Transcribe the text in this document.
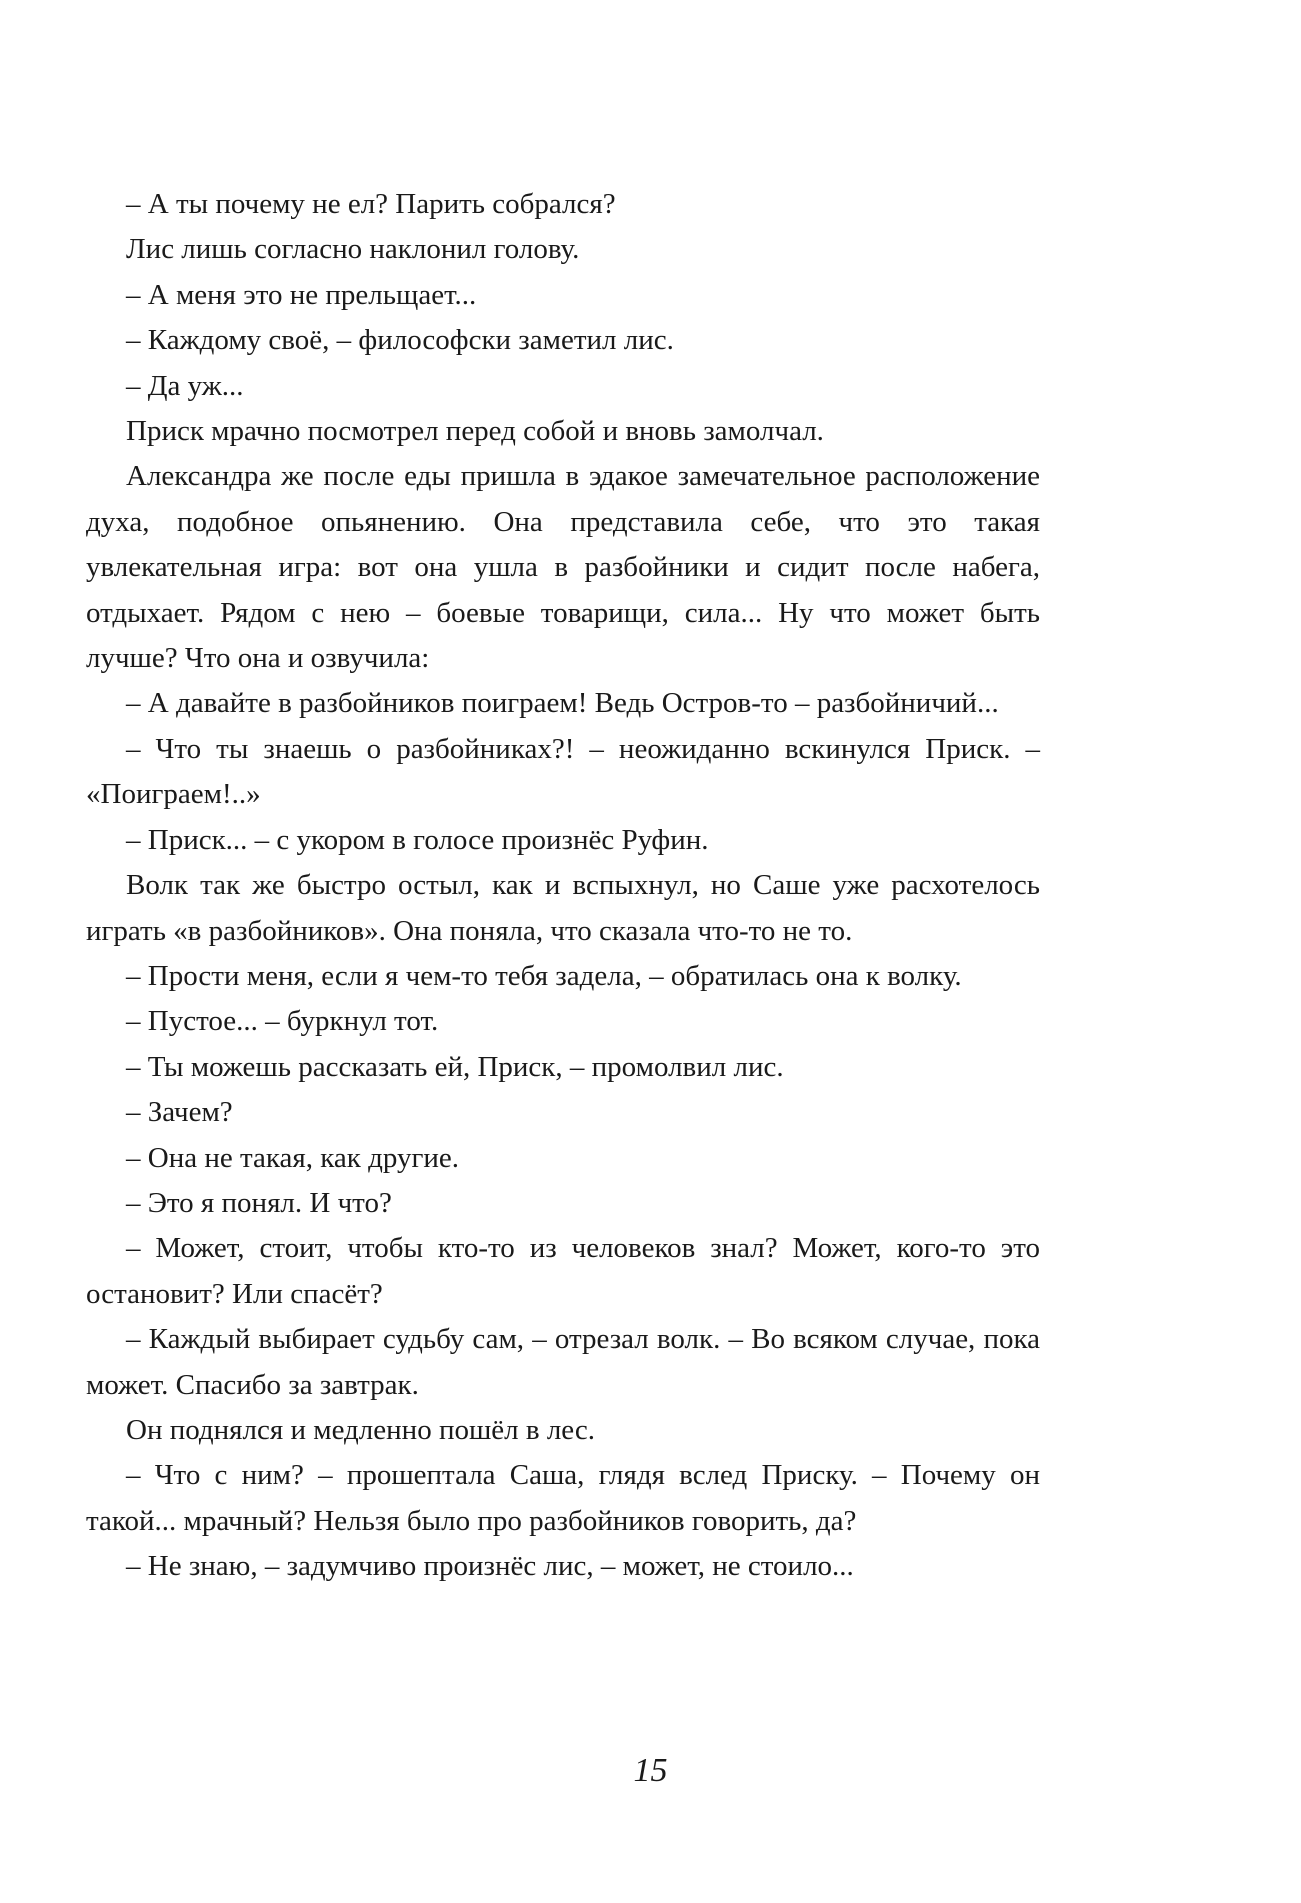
– А ты почему не ел? Парить собрался?

Лис лишь согласно наклонил голову.

– А меня это не прельщает...

– Каждому своё, – философски заметил лис.

– Да уж...

Приск мрачно посмотрел перед собой и вновь замолчал.

Александра же после еды пришла в эдакое замечательное расположение духа, подобное опьянению. Она представила себе, что это такая увлекательная игра: вот она ушла в разбойники и сидит после набега, отдыхает. Рядом с нею – боевые товарищи, сила... Ну что может быть лучше? Что она и озвучила:

– А давайте в разбойников поиграем! Ведь Остров-то – разбойничий...

– Что ты знаешь о разбойниках?! – неожиданно вскинулся Приск. – «Поиграем!..»

– Приск... – с укором в голосе произнёс Руфин.

Волк так же быстро остыл, как и вспыхнул, но Саше уже расхотелось играть «в разбойников». Она поняла, что сказала что-то не то.

– Прости меня, если я чем-то тебя задела, – обратилась она к волку.

– Пустое... – буркнул тот.

– Ты можешь рассказать ей, Приск, – промолвил лис.

– Зачем?

– Она не такая, как другие.

– Это я понял. И что?

– Может, стоит, чтобы кто-то из человеков знал? Может, кого-то это остановит? Или спасёт?

– Каждый выбирает судьбу сам, – отрезал волк. – Во всяком случае, пока может. Спасибо за завтрак.

Он поднялся и медленно пошёл в лес.

– Что с ним? – прошептала Саша, глядя вслед Приску. – Почему он такой... мрачный? Нельзя было про разбойников говорить, да?

– Не знаю, – задумчиво произнёс лис, – может, не стоило...

15
